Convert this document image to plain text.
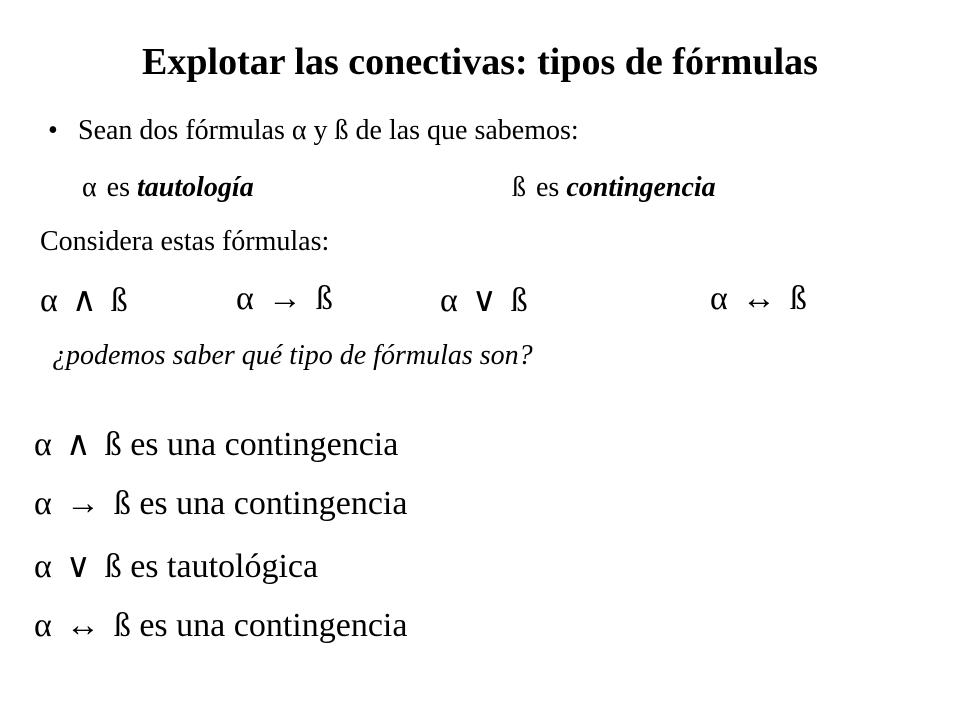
Explotar las conectivas: tipos de fórmulas
• Sean dos fórmulas α y ß de las que sabemos:
α es tautología	ß es contingencia
Considera estas fórmulas:
α ∧ ß	α → ß	α ∨ ß	α ↔ ß
¿podemos saber qué tipo de fórmulas son?
α ∧ ß es una contingencia
α → ß es una contingencia
α ∨ ß es tautológica
α ↔ ß es una contingencia
